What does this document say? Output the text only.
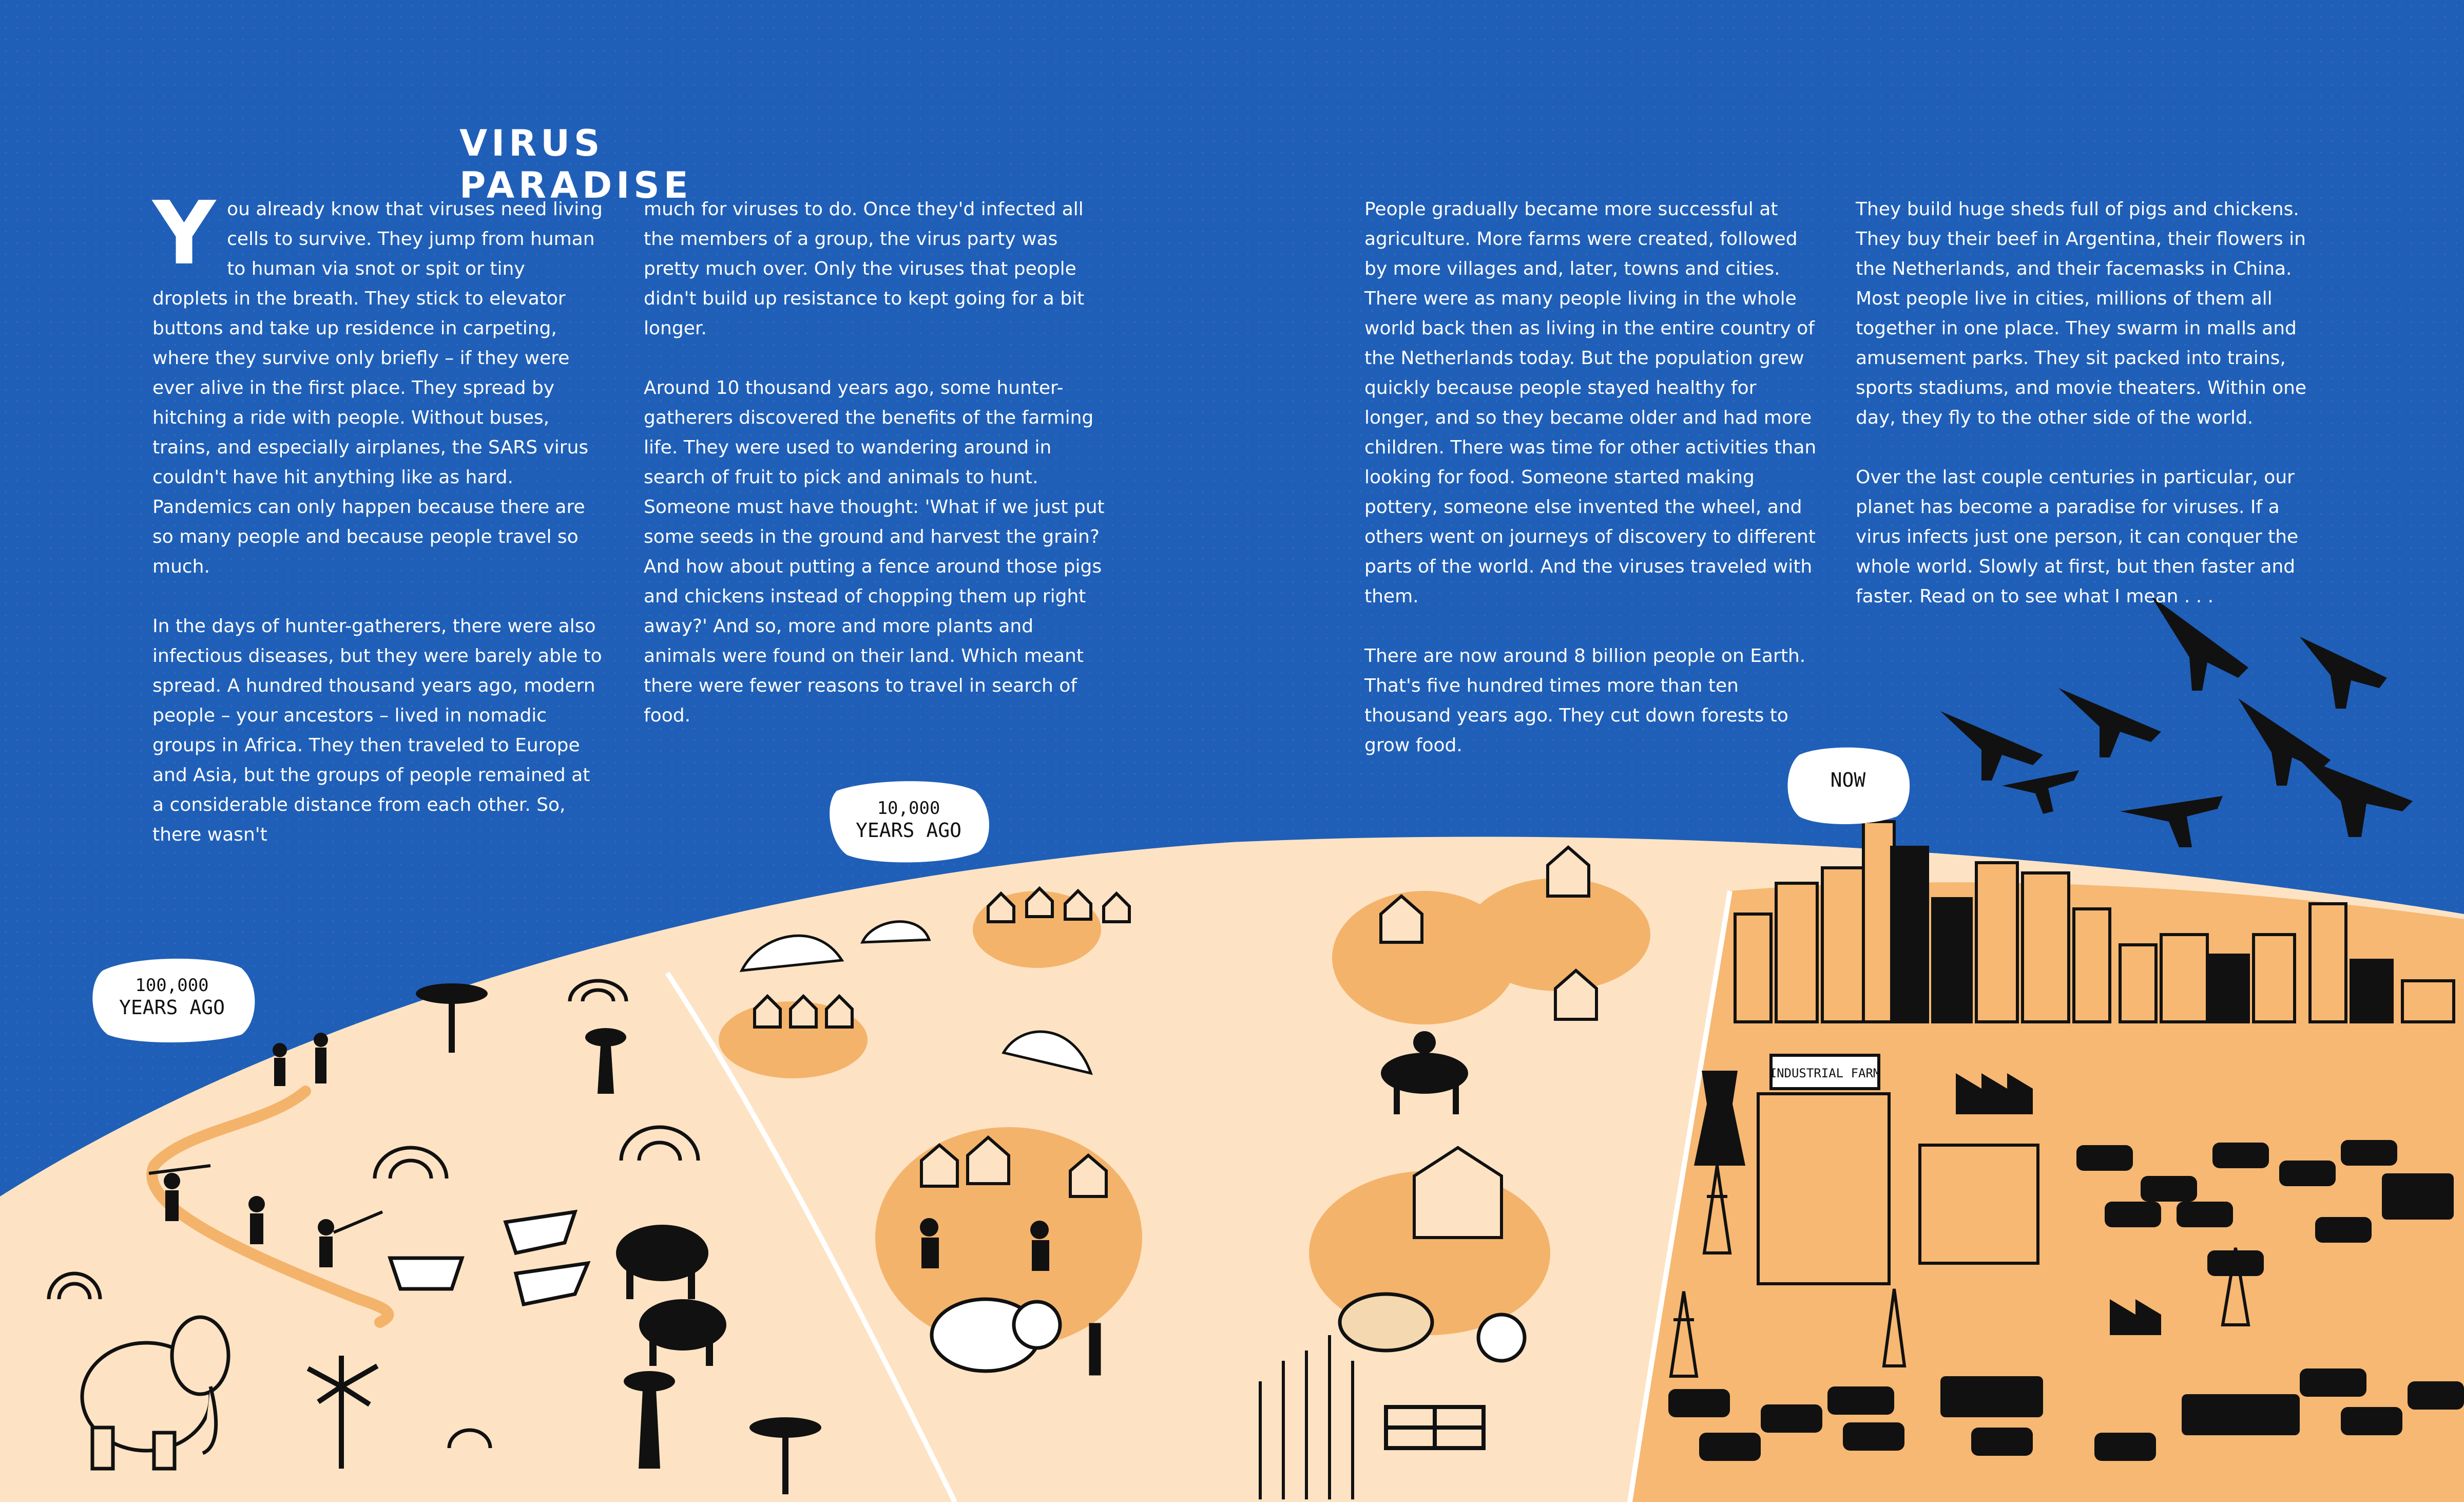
INDUSTRIAL FARM
100,000
YEARS AGO
10,000
YEARS AGO
NOW
VIRUS PARADISE

You already know that viruses need living cells to survive. They jump from human to human via snot or spit or tiny droplets in the breath. They stick to elevator buttons and take up residence in carpeting, where they survive only briefly – if they were ever alive in the first place. They spread by hitching a ride with people. Without buses, trains, and especially airplanes, the SARS virus couldn't have hit anything like as hard. Pandemics can only happen because there are so many people and because people travel so much.

In the days of hunter-gatherers, there were also infectious diseases, but they were barely able to spread. A hundred thousand years ago, modern people – your ancestors – lived in nomadic groups in Africa. They then traveled to Europe and Asia, but the groups of people remained at a considerable distance from each other. So, there wasn't

much for viruses to do. Once they'd infected all the members of a group, the virus party was pretty much over. Only the viruses that people didn't build up resistance to kept going for a bit longer.

Around 10 thousand years ago, some hunter-gatherers discovered the benefits of the farming life. They were used to wandering around in search of fruit to pick and animals to hunt. Someone must have thought: 'What if we just put some seeds in the ground and harvest the grain? And how about putting a fence around those pigs and chickens instead of chopping them up right away?' And so, more and more plants and animals were found on their land. Which meant there were fewer reasons to travel in search of food.

People gradually became more successful at agriculture. More farms were created, followed by more villages and, later, towns and cities. There were as many people living in the whole world back then as living in the entire country of the Netherlands today. But the population grew quickly because people stayed healthy for longer, and so they became older and had more children. There was time for other activities than looking for food. Someone started making pottery, someone else invented the wheel, and others went on journeys of discovery to different parts of the world. And the viruses traveled with them.

There are now around 8 billion people on Earth. That's five hundred times more than ten thousand years ago. They cut down forests to grow food.

They build huge sheds full of pigs and chickens. They buy their beef in Argentina, their flowers in the Netherlands, and their facemasks in China. Most people live in cities, millions of them all together in one place. They swarm in malls and amusement parks. They sit packed into trains, sports stadiums, and movie theaters. Within one day, they fly to the other side of the world.

Over the last couple centuries in particular, our planet has become a paradise for viruses. If a virus infects just one person, it can conquer the whole world. Slowly at first, but then faster and faster. Read on to see what I mean . . .
